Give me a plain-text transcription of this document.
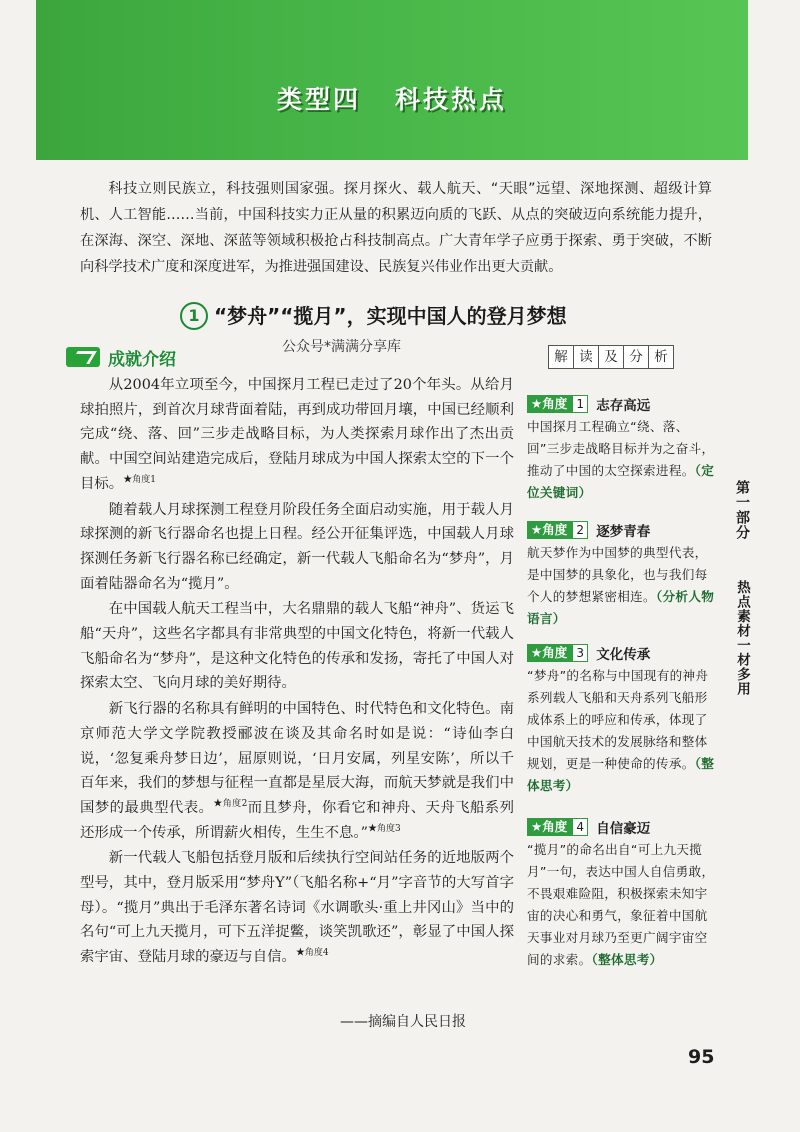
类型四 科技热点
科技立则民族立，科技强则国家强。探月探火、载人航天、“天眼”远望、深地探测、超级计算机、人工智能……当前，中国科技实力正从量的积累迈向质的飞跃、从点的突破迈向系统能力提升，在深海、深空、深地、深蓝等领域积极抢占科技制高点。广大青年学子应勇于探索、勇于突破，不断向科学技术广度和深度进军，为推进强国建设、民族复兴伟业作出更大贡献。
1 “梦舟”“揽月”，实现中国人的登月梦想
公众号*满满分享库
成就介绍	解 读 及 分 析

从2004年立项至今，中国探月工程已走过了20个年头。从给月球拍照片，到首次月球背面着陆，再到成功带回月壤，中国已经顺利完成“绕、落、回”三步走战略目标，为人类探索月球作出了杰出贡献。中国空间站建造完成后，登陆月球成为中国人探索太空的下一个目标。$^{★角度1}$

随着载人月球探测工程登月阶段任务全面启动实施，用于载人月球探测的新飞行器命名也提上日程。经公开征集评选，中国载人月球探测任务新飞行器名称已经确定，新一代载人飞船命名为“梦舟”，月面着陆器命名为“揽月”。

在中国载人航天工程当中，大名鼎鼎的载人飞船“神舟”、货运飞船“天舟”，这些名字都具有非常典型的中国文化特色，将新一代载人飞船命名为“梦舟”，是这种文化特色的传承和发扬，寄托了中国人对探索太空、飞向月球的美好期待。

新飞行器的名称具有鲜明的中国特色、时代特色和文化特色。南京师范大学文学院教授郦波在谈及其命名时如是说：“诗仙李白说，‘忽复乘舟梦日边’，屈原则说，‘日月安属，列星安陈’，所以千百年来，我们的梦想与征程一直都是星辰大海，而航天梦就是我们中国梦的最典型代表。$^{★角度2}$而且梦舟，你看它和神舟、天舟飞船系列还形成一个传承，所谓薪火相传，生生不息。”$^{★角度3}$

新一代载人飞船包括登月版和后续执行空间站任务的近地版两个型号，其中，登月版采用“梦舟Y”（飞船名称+“月”字音节的大写首字母）。“揽月”典出于毛泽东著名诗词《水调歌头·重上井冈山》当中的名句“可上九天揽月，可下五洋捉鳖，谈笑凯歌还”，彰显了中国人探索宇宙、登陆月球的豪迈与自信。$^{★角度4}$

——摘编自人民日报
★角度 1 志存高远
中国探月工程确立“绕、落、回”三步走战略目标并为之奋斗，推动了中国的太空探索进程。（定位关键词）
★角度 2 逐梦青春
航天梦作为中国梦的典型代表，是中国梦的具象化，也与我们每个人的梦想紧密相连。（分析人物语言）
★角度 3 文化传承
“梦舟”的名称与中国现有的神舟系列载人飞船和天舟系列飞船形成体系上的呼应和传承，体现了中国航天技术的发展脉络和整体规划，更是一种使命的传承。（整体思考）
★角度 4 自信豪迈
“揽月”的命名出自“可上九天揽月”一句，表达中国人自信勇敢，不畏艰难险阻，积极探索未知宇宙的决心和勇气，象征着中国航天事业对月球乃至更广阔宇宙空间的求索。（整体思考）
第一部分
热点素材一材多用
95
